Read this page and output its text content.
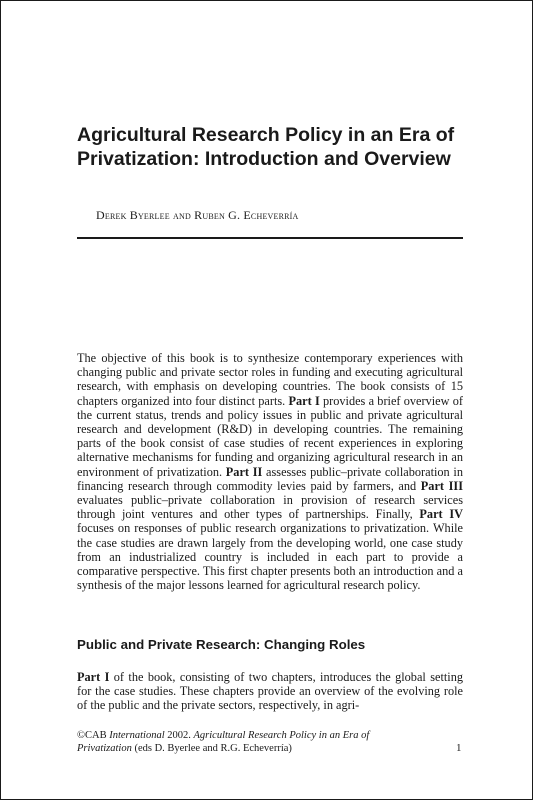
Agricultural Research Policy in an Era of Privatization: Introduction and Overview
Derek Byerlee and Ruben G. Echeverría

The objective of this book is to synthesize contemporary experiences with changing public and private sector roles in funding and executing agricultural research, with emphasis on developing countries. The book consists of 15 chapters organized into four distinct parts. Part I provides a brief overview of the current status, trends and policy issues in public and private agricultural research and development (R&D) in developing countries. The remaining parts of the book consist of case studies of recent experiences in exploring alternative mechanisms for funding and organizing agricultural research in an environment of privatization. Part II assesses public–private collaboration in financing research through commodity levies paid by farmers, and Part III evaluates public–private collaboration in provision of research services through joint ventures and other types of partnerships. Finally, Part IV focuses on responses of public research organizations to privatization. While the case studies are drawn largely from the developing world, one case study from an industrialized country is included in each part to provide a comparative perspective. This first chapter presents both an introduction and a synthesis of the major lessons learned for agricultural research policy.

Public and Private Research: Changing Roles

Part I of the book, consisting of two chapters, introduces the global setting for the case studies. These chapters provide an overview of the evolving role of the public and the private sectors, respectively, in agri-

©CAB International 2002. Agricultural Research Policy in an Era of
Privatization (eds D. Byerlee and R.G. Echeverría)	1
